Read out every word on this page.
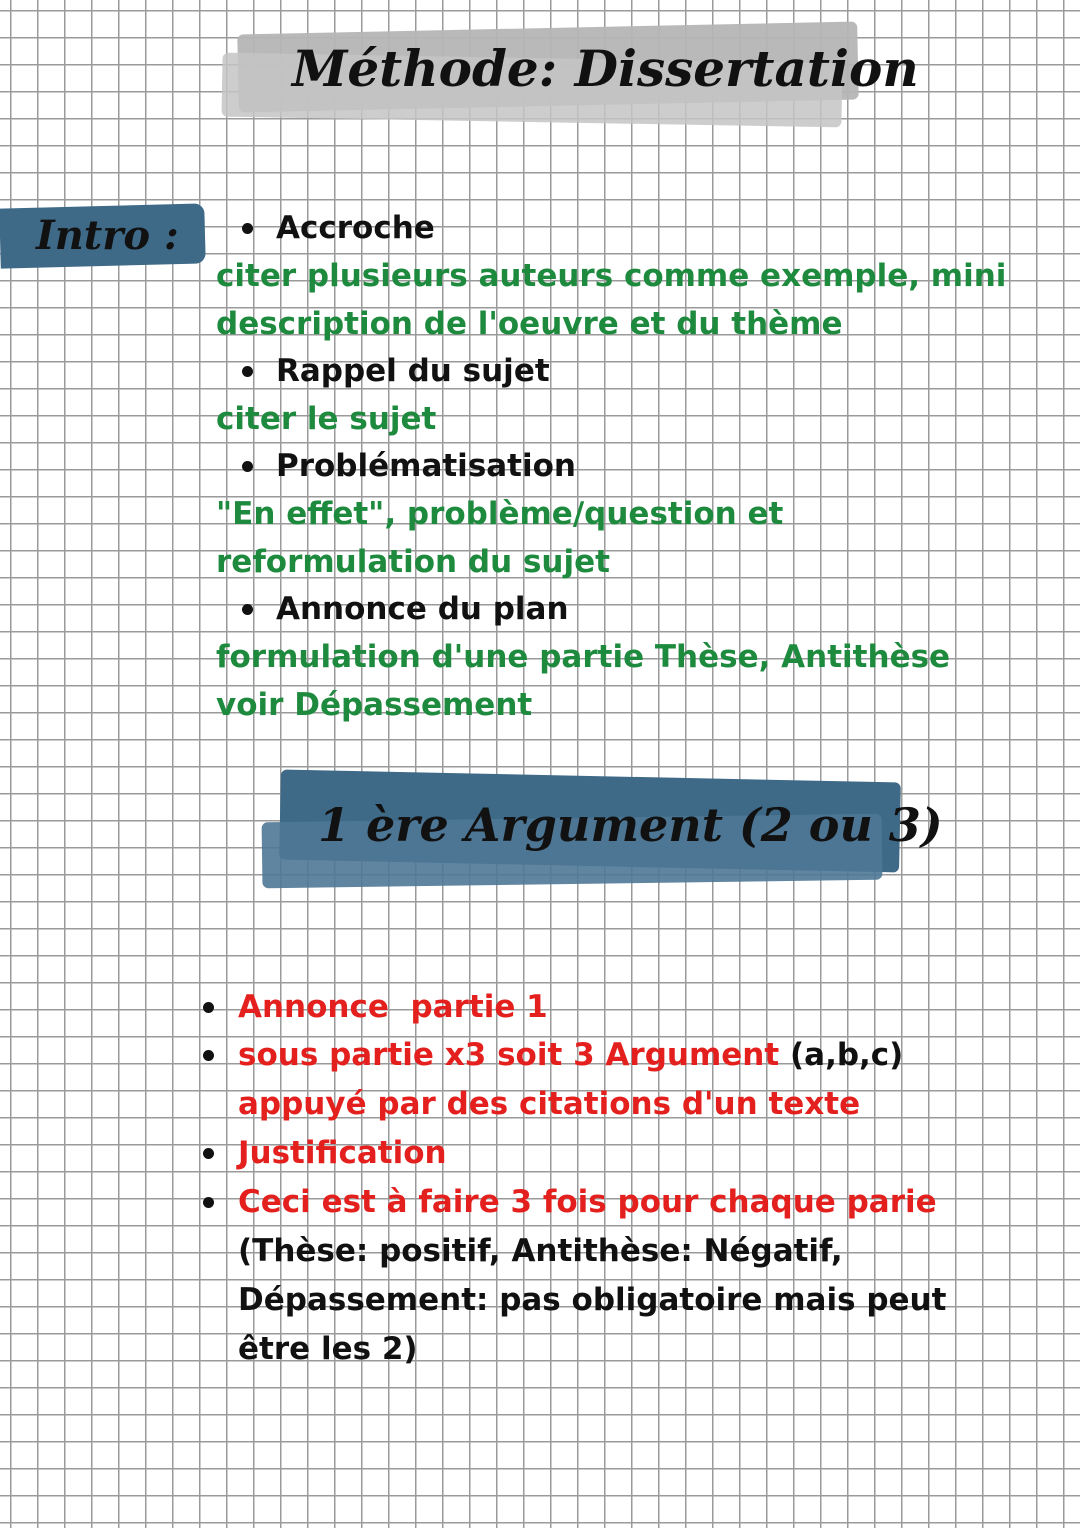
Méthode: Dissertation
Intro :	Accroche
citer plusieurs auteurs comme exemple, mini
description de l'oeuvre et du thème
Rappel du sujet
citer le sujet
Problématisation
"En effet", problème/question et
reformulation du sujet
Annonce du plan
formulation d'une partie Thèse, Antithèse
voir Dépassement
1 ère Argument (2 ou 3)
Annonce  partie 1
sous partie x3 soit 3 Argument (a,b,c)
appuyé par des citations d'un texte
Justification
Ceci est à faire 3 fois pour chaque parie
(Thèse: positif, Antithèse: Négatif,
Dépassement: pas obligatoire mais peut
être les 2)
